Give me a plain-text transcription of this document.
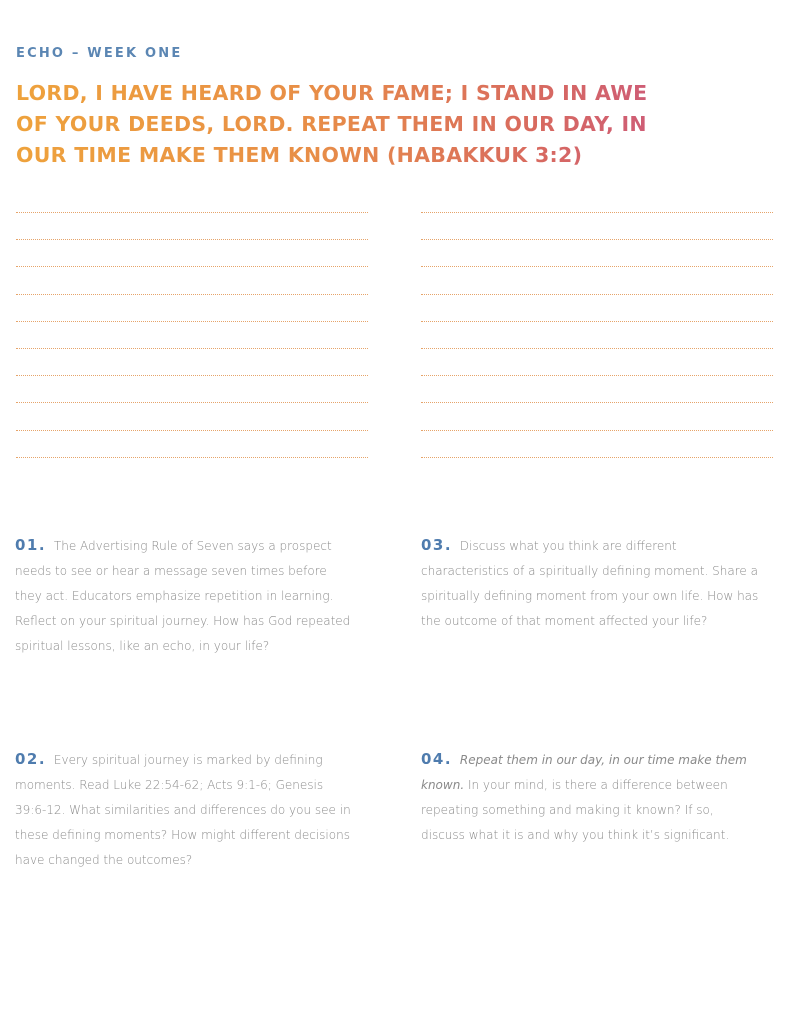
ECHO – WEEK ONE
LORD, I HAVE HEARD OF YOUR FAME; I STAND IN AWE
OF YOUR DEEDS, LORD. REPEAT THEM IN OUR DAY, IN
OUR TIME MAKE THEM KNOWN (HABAKKUK 3:2)
01. The Advertising Rule of Seven says a prospect needs to see or hear a message seven times before they act. Educators emphasize repetition in learning. Reflect on your spiritual journey. How has God repeated spiritual lessons, like an echo, in your life?
02. Every spiritual journey is marked by defining moments. Read Luke 22:54-62; Acts 9:1-6; Genesis 39:6-12. What similarities and differences do you see in these defining moments? How might different decisions have changed the outcomes?
03. Discuss what you think are different characteristics of a spiritually defining moment. Share a spiritually defining moment from your own life. How has the outcome of that moment affected your life?
04. Repeat them in our day, in our time make them known. In your mind, is there a difference between repeating something and making it known? If so, discuss what it is and why you think it’s significant.
